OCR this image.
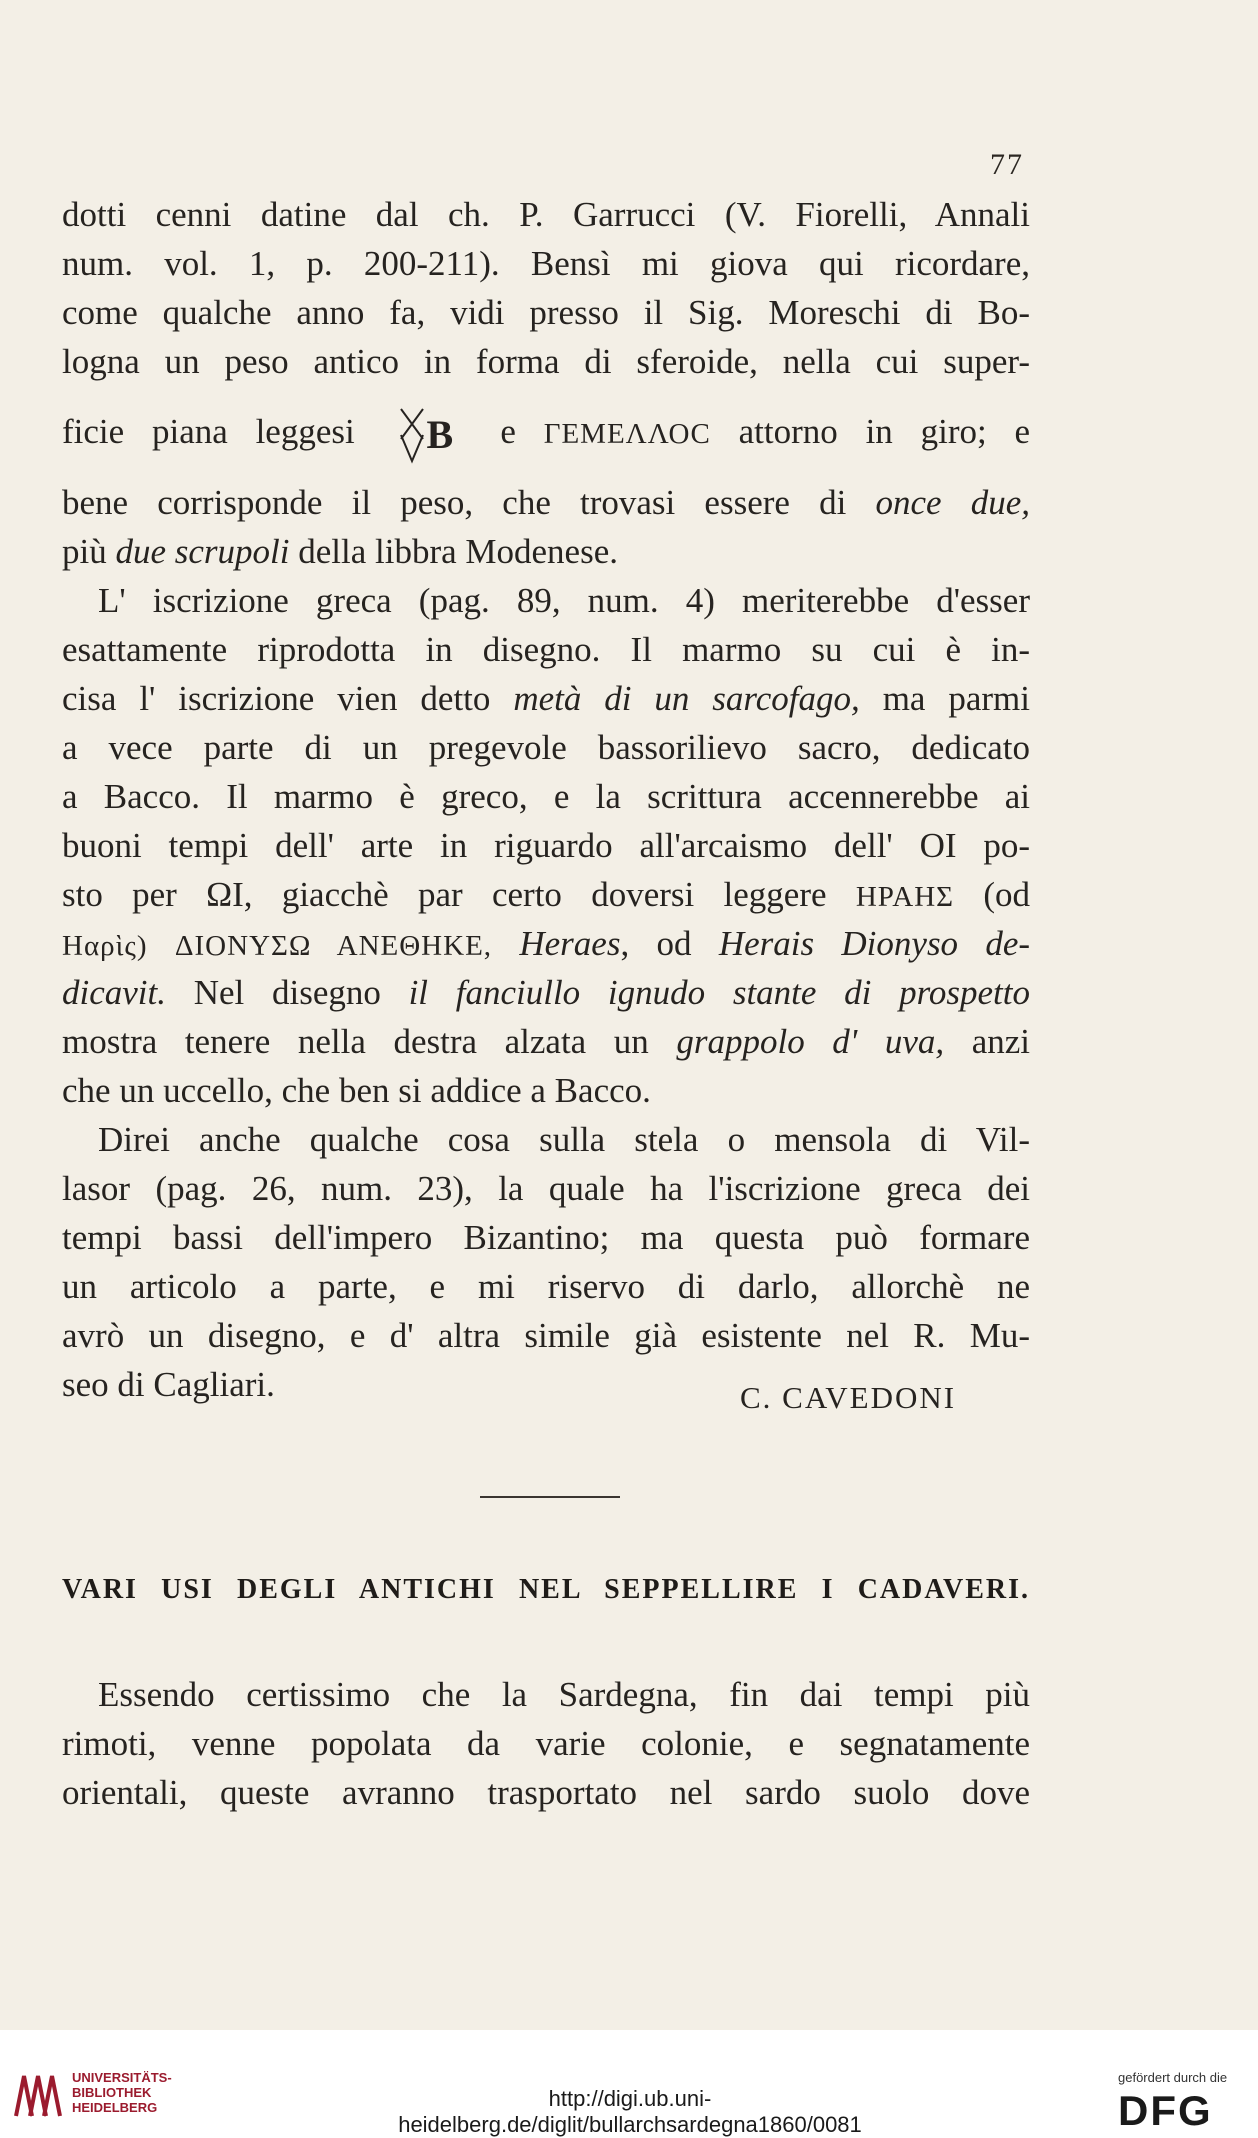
77
dotti cenni datine dal ch. P. Garrucci (V. Fiorelli, Annali
num. vol. 1, p. 200-211). Bensì mi giova qui ricordare,
come qualche anno fa, vidi presso il Sig. Moreschi di Bo-
logna un peso antico in forma di sferoide, nella cui super-
ficie piana leggesi B e ΓΕΜΕΛΛΟC attorno in giro; e
bene corrisponde il peso, che trovasi essere di once due,
più due scrupoli della libbra Modenese.
L' iscrizione greca (pag. 89, num. 4) meriterebbe d'esser
esattamente riprodotta in disegno. Il marmo su cui è in-
cisa l' iscrizione vien detto metà di un sarcofago, ma parmi
a vece parte di un pregevole bassorilievo sacro, dedicato
a Bacco. Il marmo è greco, e la scrittura accennerebbe ai
buoni tempi dell' arte in riguardo all'arcaismo dell' OI po-
sto per ΩI, giacchè par certo doversi leggere ΗΡΑΗΣ (od
Ηαρὶς) ΔΙΟΝΥΣΩ ΑΝΕΘΗΚΕ, Heraes, od Herais Dionyso de-
dicavit. Nel disegno il fanciullo ignudo stante di prospetto
mostra tenere nella destra alzata un grappolo d' uva, anzi
che un uccello, che ben si addice a Bacco.
Direi anche qualche cosa sulla stela o mensola di Vil-
lasor (pag. 26, num. 23), la quale ha l'iscrizione greca dei
tempi bassi dell'impero Bizantino; ma questa può formare
un articolo a parte, e mi riservo di darlo, allorchè ne
avrò un disegno, e d' altra simile già esistente nel R. Mu-
seo di Cagliari.	C. CAVEDONI
VARI USI DEGLI ANTICHI NEL SEPPELLIRE I CADAVERI.
Essendo certissimo che la Sardegna, fin dai tempi più
rimoti, venne popolata da varie colonie, e segnatamente
orientali, queste avranno trasportato nel sardo suolo dove
UNIVERSITÄTS-
BIBLIOTHEK
HEIDELBERG	http://digi.ub.uni-heidelberg.de/diglit/bullarchsardegna1860/0081
gefördert durch die
DFG
